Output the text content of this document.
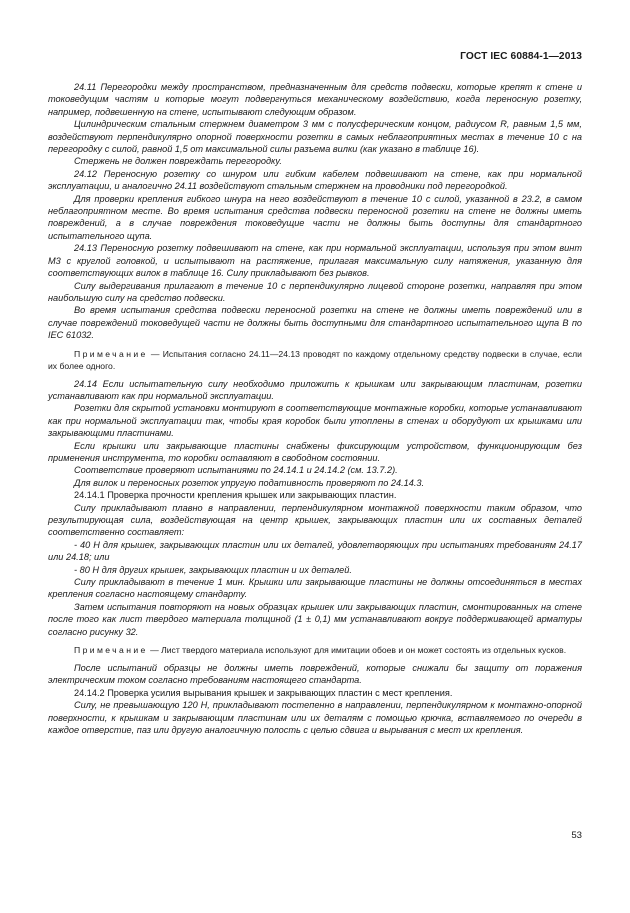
ГОСТ IEC 60884-1—2013

24.11 Перегородки между пространством, предназначенным для средств подвески, которые крепят к стене и токоведущим частям и которые могут подвергнуться механическому воздействию, когда переносную розетку, например, подвешенную на стене, испытывают следующим образом.

Цилиндрическим стальным стержнем диаметром 3 мм с полусферическим концом, радиусом R, равным 1,5 мм, воздействуют перпендикулярно опорной поверхности розетки в самых неблагоприятных местах в течение 10 с на перегородку с силой, равной 1,5 от максимальной силы разъема вилки (как указано в таблице 16).

Стержень не должен повреждать перегородку.

24.12 Переносную розетку со шнуром или гибким кабелем подвешивают на стене, как при нормальной эксплуатации, и аналогично 24.11 воздействуют стальным стержнем на проводники под перегородкой.

Для проверки крепления гибкого шнура на него воздействуют в течение 10 с силой, указанной в 23.2, в самом неблагоприятном месте. Во время испытания средства подвески переносной розетки на стене не должны иметь повреждений, а в случае повреждения токоведущие части не должны быть доступны для стандартного испытательного щупа.

24.13 Переносную розетку подвешивают на стене, как при нормальной эксплуатации, используя при этом винт М3 с круглой головкой, и испытывают на растяжение, прилагая максимальную силу натяжения, указанную для соответствующих вилок в таблице 16. Силу прикладывают без рывков.

Силу выдергивания прилагают в течение 10 с перпендикулярно лицевой стороне розетки, направляя при этом наибольшую силу на средство подвески.

Во время испытания средства подвески переносной розетки на стене не должны иметь повреждений или в случае повреждений токоведущей части не должны быть доступными для стандартного испытательного щупа В по IEC 61032.

Примечание — Испытания согласно 24.11—24.13 проводят по каждому отдельному средству подвески в случае, если их более одного.

24.14 Если испытательную силу необходимо приложить к крышкам или закрывающим пластинам, розетки устанавливают как при нормальной эксплуатации.

Розетки для скрытой установки монтируют в соответствующие монтажные коробки, которые устанавливают как при нормальной эксплуатации так, чтобы края коробок были утоплены в стенах и оборудуют их крышками или закрывающими пластинами.

Если крышки или закрывающие пластины снабжены фиксирующим устройством, функционирующим без применения инструмента, то коробки оставляют в свободном состоянии.

Соответствие проверяют испытаниями по 24.14.1 и 24.14.2 (см. 13.7.2).

Для вилок и переносных розеток упругую подативность проверяют по 24.14.3.

24.14.1 Проверка прочности крепления крышек или закрывающих пластин.

Силу прикладывают плавно в направлении, перпендикулярном монтажной поверхности таким образом, что результирующая сила, воздействующая на центр крышек, закрывающих пластин или их составных деталей соответственно составляет:

- 40 Н для крышек, закрывающих пластин или их деталей, удовлетворяющих при испытаниях требованиям 24.17 или 24.18; или

- 80 Н для других крышек, закрывающих пластин и их деталей.

Силу прикладывают в течение 1 мин. Крышки или закрывающие пластины не должны отсоединяться в местах крепления согласно настоящему стандарту.

Затем испытания повторяют на новых образцах крышек или закрывающих пластин, смонтированных на стене после того как лист твердого материала толщиной (1 ± 0,1) мм устанавливают вокруг поддерживающей арматуры согласно рисунку 32.

Примечание — Лист твердого материала используют для имитации обоев и он может состоять из отдельных кусков.

После испытаний образцы не должны иметь повреждений, которые снижали бы защиту от поражения электрическим током согласно требованиям настоящего стандарта.

24.14.2 Проверка усилия вырывания крышек и закрывающих пластин с мест крепления.

Силу, не превышающую 120 Н, прикладывают постепенно в направлении, перпендикулярном к монтажно-опорной поверхности, к крышкам и закрывающим пластинам или их деталям с помощью крючка, вставляемого по очереди в каждое отверстие, паз или другую аналогичную полость с целью сдвига и вырывания с мест их крепления.

53
